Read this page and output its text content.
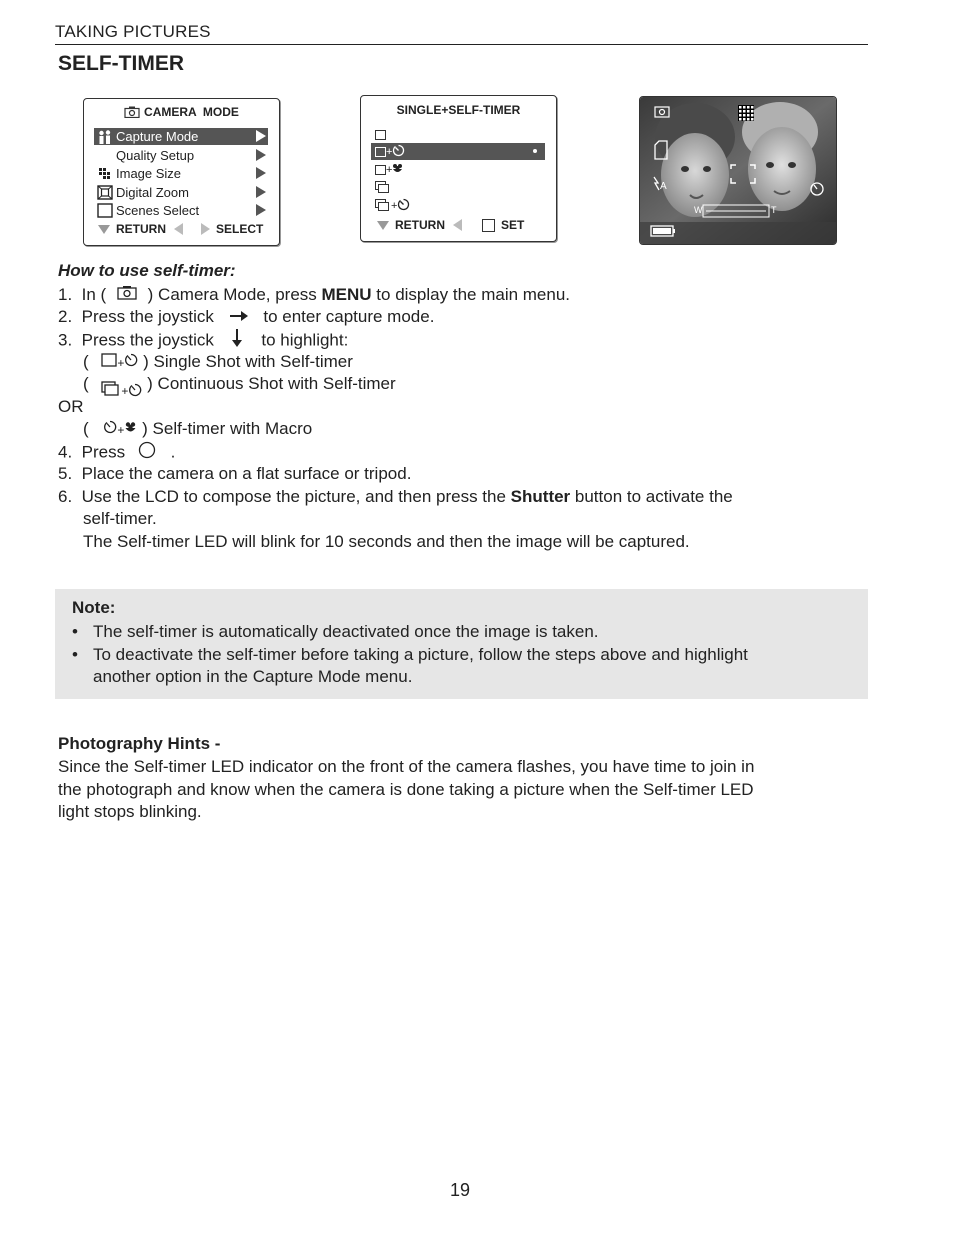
TAKING PICTURES
SELF-TIMER
CAMERA  MODE
Capture Mode
Quality Setup
Image Size
Digital Zoom
Scenes Select
RETURN	SELECT
SINGLE+SELF-TIMER
+
+
+
RETURN	SET
W	T
A
How to use self-timer:
1. In ( ) Camera Mode, press MENU to display the main menu.
2. Press the joystick	to enter capture mode.
3. Press the joystick	to highlight:
( + ) Single Shot with Self-timer
(	$_+$ ) Continuous Shot with Self-timer
OR
( + ) Self-timer with Macro
4. Press	.
5. Place the camera on a flat surface or tripod.
6. Use the LCD to compose the picture, and then press the Shutter button to activate the
self-timer.
The Self-timer LED will blink for 10 seconds and then the image will be captured.
Note:
• The self-timer is automatically deactivated once the image is taken.
• To deactivate the self-timer before taking a picture, follow the steps above and highlight
another option in the Capture Mode menu.
Photography Hints -
Since the Self-timer LED indicator on the front of the camera flashes, you have time to join in
the photograph and know when the camera is done taking a picture when the Self-timer LED
light stops blinking.
19
